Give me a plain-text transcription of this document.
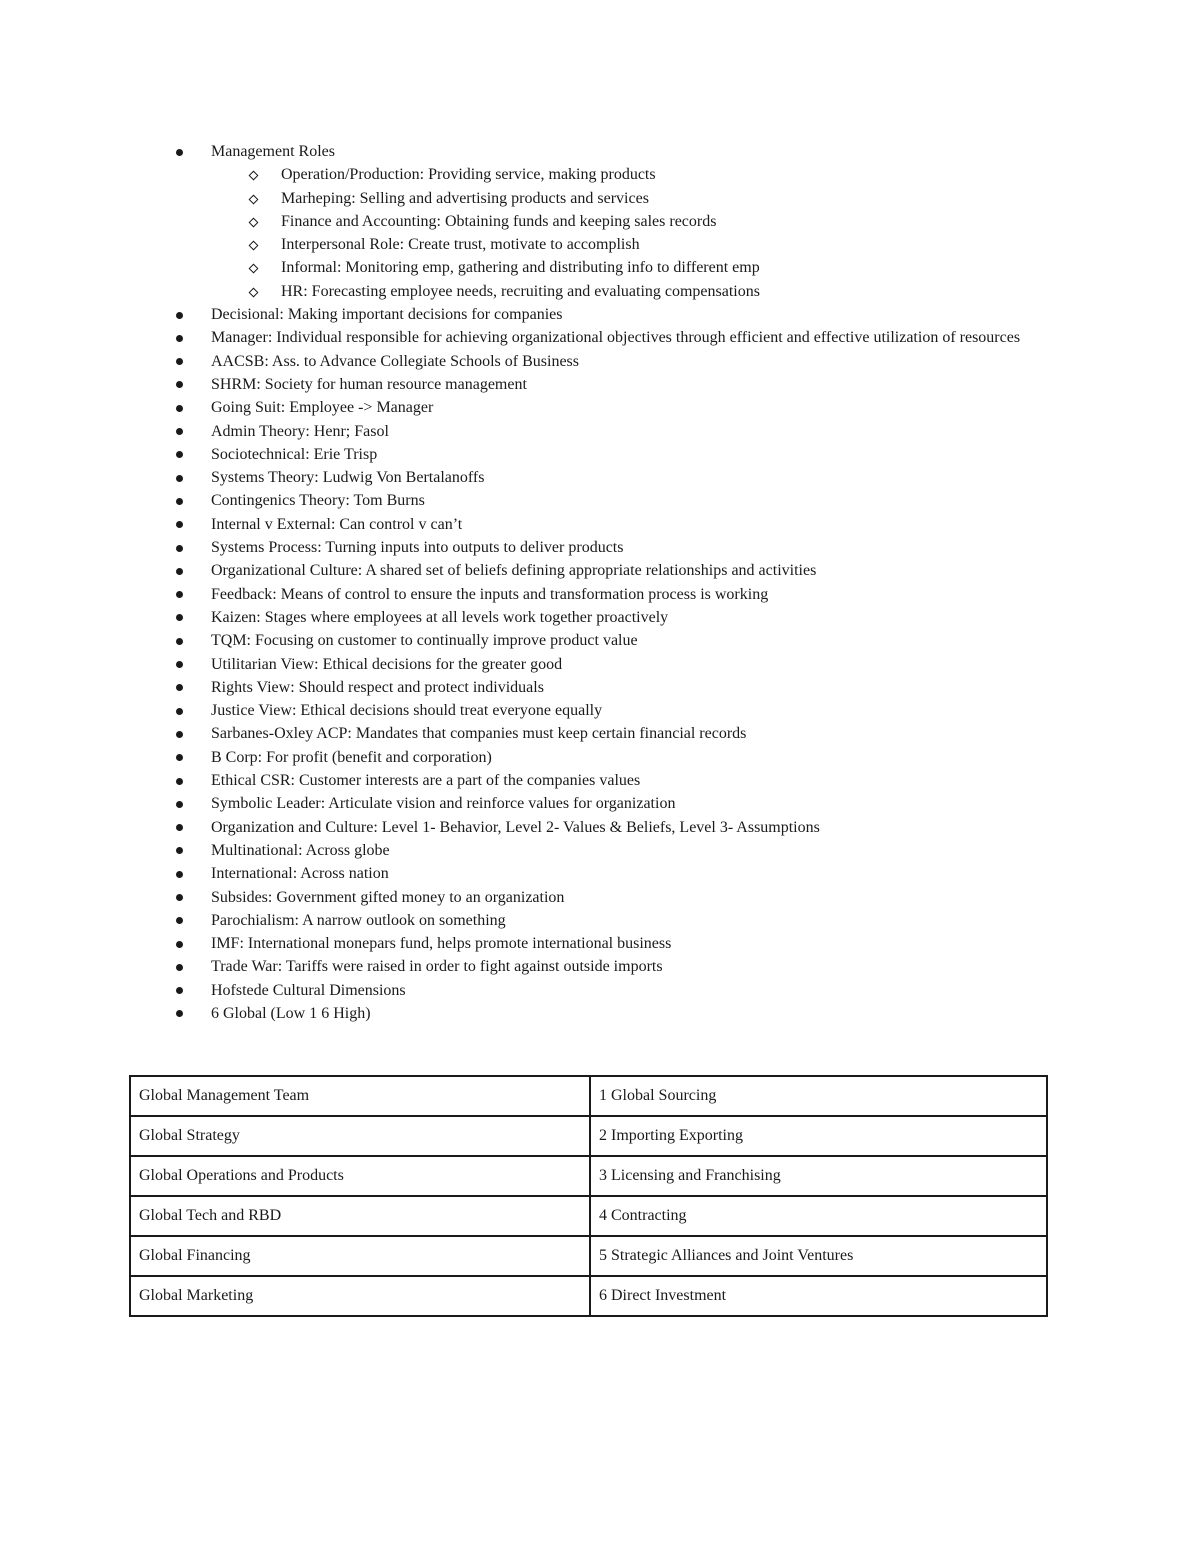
Management Roles
Operation/Production: Providing service, making products
Marheping: Selling and advertising products and services
Finance and Accounting: Obtaining funds and keeping sales records
Interpersonal Role: Create trust, motivate to accomplish
Informal: Monitoring emp, gathering and distributing info to different emp
HR: Forecasting employee needs, recruiting and evaluating compensations
Decisional: Making important decisions for companies
Manager: Individual responsible for achieving organizational objectives through efficient and effective utilization of resources
AACSB: Ass. to Advance Collegiate Schools of Business
SHRM: Society for human resource management
Going Suit: Employee -> Manager
Admin Theory: Henr; Fasol
Sociotechnical: Erie Trisp
Systems Theory: Ludwig Von Bertalanoffs
Contingenics Theory: Tom Burns
Internal v External: Can control v can’t
Systems Process: Turning inputs into outputs to deliver products
Organizational Culture: A shared set of beliefs defining appropriate relationships and activities
Feedback: Means of control to ensure the inputs and transformation process is working
Kaizen: Stages where employees at all levels work together proactively
TQM: Focusing on customer to continually improve product value
Utilitarian View: Ethical decisions for the greater good
Rights View: Should respect and protect individuals
Justice View: Ethical decisions should treat everyone equally
Sarbanes-Oxley ACP: Mandates that companies must keep certain financial records
B Corp: For profit (benefit and corporation)
Ethical CSR: Customer interests are a part of the companies values
Symbolic Leader: Articulate vision and reinforce values for organization
Organization and Culture: Level 1- Behavior, Level 2- Values & Beliefs, Level 3- Assumptions
Multinational: Across globe
International: Across nation
Subsides: Government gifted money to an organization
Parochialism: A narrow outlook on something
IMF: International monepars fund, helps promote international business
Trade War: Tariffs were raised in order to fight against outside imports
Hofstede Cultural Dimensions
6 Global (Low 1 6 High)
Global Management Team	1 Global Sourcing
Global Strategy	2 Importing Exporting
Global Operations and Products	3 Licensing and Franchising
Global Tech and RBD	4 Contracting
Global Financing	5 Strategic Alliances and Joint Ventures
Global Marketing	6 Direct Investment
